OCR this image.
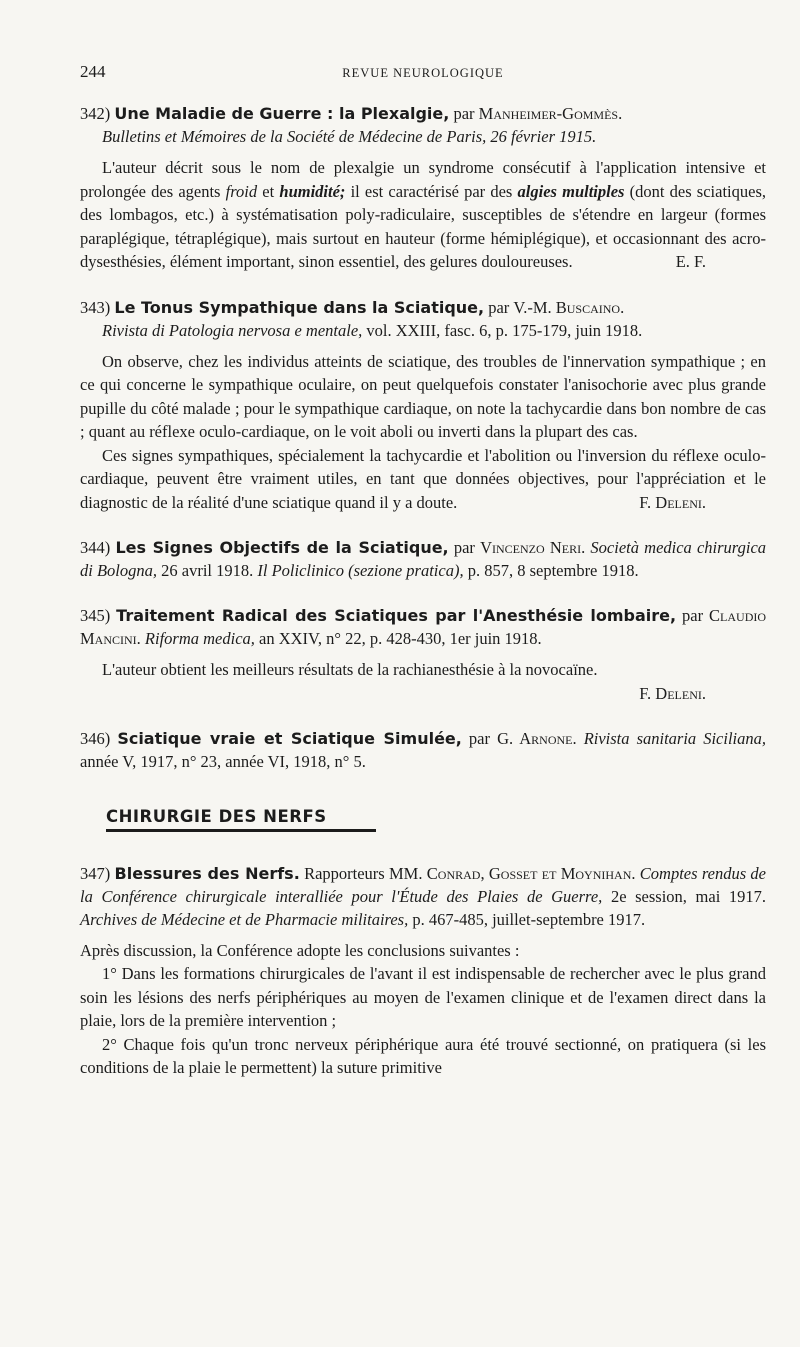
244	REVUE NEUROLOGIQUE
342) Une Maladie de Guerre : la Plexalgie, par Manheimer-Gommès.
Bulletins et Mémoires de la Société de Médecine de Paris, 26 février 1915.

L'auteur décrit sous le nom de plexalgie un syndrome consécutif à l'application intensive et prolongée des agents froid et humidité; il est caractérisé par des algies multiples (dont des sciatiques, des lombagos, etc.) à systématisation poly-radiculaire, susceptibles de s'étendre en largeur (formes paraplégique, tétraplégique), mais surtout en hauteur (forme hémiplégique), et occasionnant des acro-dysesthésies, élément important, sinon essentiel, des gelures douloureuses.	E. F.

343) Le Tonus Sympathique dans la Sciatique, par V.-M. Buscaino.
Rivista di Patologia nervosa e mentale, vol. XXIII, fasc. 6, p. 175-179, juin 1918.

On observe, chez les individus atteints de sciatique, des troubles de l'innervation sympathique ; en ce qui concerne le sympathique oculaire, on peut quelquefois constater l'anisochorie avec plus grande pupille du côté malade ; pour le sympathique cardiaque, on note la tachycardie dans bon nombre de cas ; quant au réflexe oculo-cardiaque, on le voit aboli ou inverti dans la plupart des cas.

Ces signes sympathiques, spécialement la tachycardie et l'abolition ou l'inversion du réflexe oculo-cardiaque, peuvent être vraiment utiles, en tant que données objectives, pour l'appréciation et le diagnostic de la réalité d'une sciatique quand il y a doute.	F. Deleni.

344) Les Signes Objectifs de la Sciatique, par Vincenzo Neri. Società medica chirurgica di Bologna, 26 avril 1918. Il Policlinico (sezione pratica), p. 857, 8 septembre 1918.
345) Traitement Radical des Sciatiques par l'Anesthésie lombaire, par Claudio Mancini. Riforma medica, an XXIV, n° 22, p. 428-430, 1er juin 1918.

L'auteur obtient les meilleurs résultats de la rachianesthésie à la novocaïne.

F. Deleni.
346) Sciatique vraie et Sciatique Simulée, par G. Arnone. Rivista sanitaria Siciliana, année V, 1917, n° 23, année VI, 1918, n° 5.
CHIRURGIE DES NERFS
347) Blessures des Nerfs. Rapporteurs MM. Conrad, Gosset et Moynihan. Comptes rendus de la Conférence chirurgicale interalliée pour l'Étude des Plaies de Guerre, 2e session, mai 1917. Archives de Médecine et de Pharmacie militaires, p. 467-485, juillet-septembre 1917.

Après discussion, la Conférence adopte les conclusions suivantes :

1° Dans les formations chirurgicales de l'avant il est indispensable de rechercher avec le plus grand soin les lésions des nerfs périphériques au moyen de l'examen clinique et de l'examen direct dans la plaie, lors de la première intervention ;

2° Chaque fois qu'un tronc nerveux périphérique aura été trouvé sectionné, on pratiquera (si les conditions de la plaie le permettent) la suture primitive
